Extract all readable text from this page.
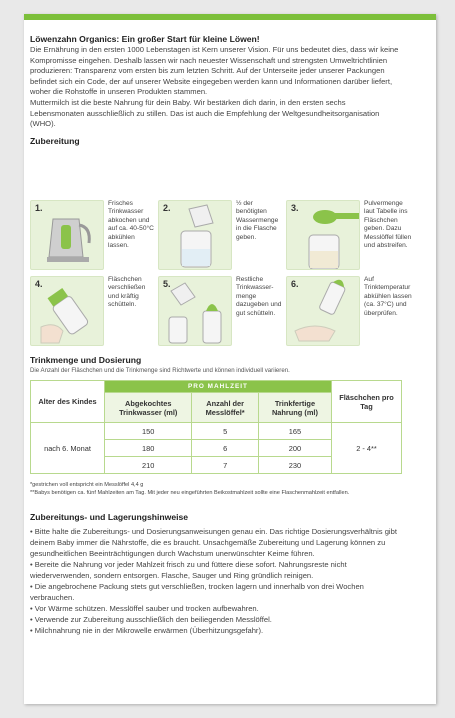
Löwenzahn Organics: Ein großer Start für kleine Löwen!

Die Ernährung in den ersten 1000 Lebenstagen ist Kern unserer Vision. Für uns bedeutet dies, dass wir keine Kompromisse eingehen. Deshalb lassen wir nach neuester Wissenschaft und strengsten Umweltrichtlinien produzieren: Transparenz vom ersten bis zum letzten Schritt. Auf der Unterseite jeder unserer Packungen befindet sich ein Code, der auf unserer Website eingegeben werden kann und Informationen darüber liefert, woher die Rohstoffe in unseren Produkten stammen.

Muttermilch ist die beste Nahrung für dein Baby. Wir bestärken dich darin, in den ersten sechs Lebensmonaten ausschließlich zu stillen. Das ist auch die Empfehlung der Weltgesundheitsorganisation (WHO).

Zubereitung
1.	Frisches Trinkwasser abkochen und auf ca. 40-50°C abkühlen lassen.
2.	½ der benötigten Wassermenge in die Flasche geben.
3.	Pulvermenge laut Tabelle ins Fläschchen geben. Dazu Messlöffel füllen und abstreifen.
4.	Fläschchen verschließen und kräftig schütteln.
5.	Restliche Trinkwasser-menge dazugeben und gut schütteln.
6.	Auf Trinktemperatur abkühlen lassen (ca. 37°C) und überprüfen.
Trinkmenge und Dosierung
Die Anzahl der Fläschchen und die Trinkmenge sind Richtwerte und können individuell variieren.
Alter des Kindes	PRO MAHLZEIT			Fläschchen pro Tag
	Abgekochtes Trinkwasser (ml)	Anzahl der Messlöffel*	Trinkfertige Nahrung (ml)	
nach 6. Monat	150	5	165	2 - 4**
	180	6	200	
	210	7	230	
*gestrichen voll entspricht ein Messlöffel 4,4 g
**Babys benötigen ca. fünf Mahlzeiten am Tag. Mit jeder neu eingeführten Beikostmahlzeit sollte eine Flaschenmahlzeit entfallen.
Zubereitungs- und Lagerungshinweise
• Bitte halte die Zubereitungs- und Dosierungsanweisungen genau ein. Das richtige Dosierungsverhältnis gibt deinem Baby immer die Nährstoffe, die es braucht. Unsachgemäße Zubereitung und Lagerung können zu gesundheitlichen Beeinträchtigungen durch Wachstum unerwünschter Keime führen.
• Bereite die Nahrung vor jeder Mahlzeit frisch zu und füttere diese sofort. Nahrungsreste nicht wiederverwenden, sondern entsorgen. Flasche, Sauger und Ring gründlich reinigen.
• Die angebrochene Packung stets gut verschließen, trocken lagern und innerhalb von drei Wochen verbrauchen.
• Vor Wärme schützen. Messlöffel sauber und trocken aufbewahren.
• Verwende zur Zubereitung ausschließlich den beiliegenden Messlöffel.
• Milchnahrung nie in der Mikrowelle erwärmen (Überhitzungsgefahr).
